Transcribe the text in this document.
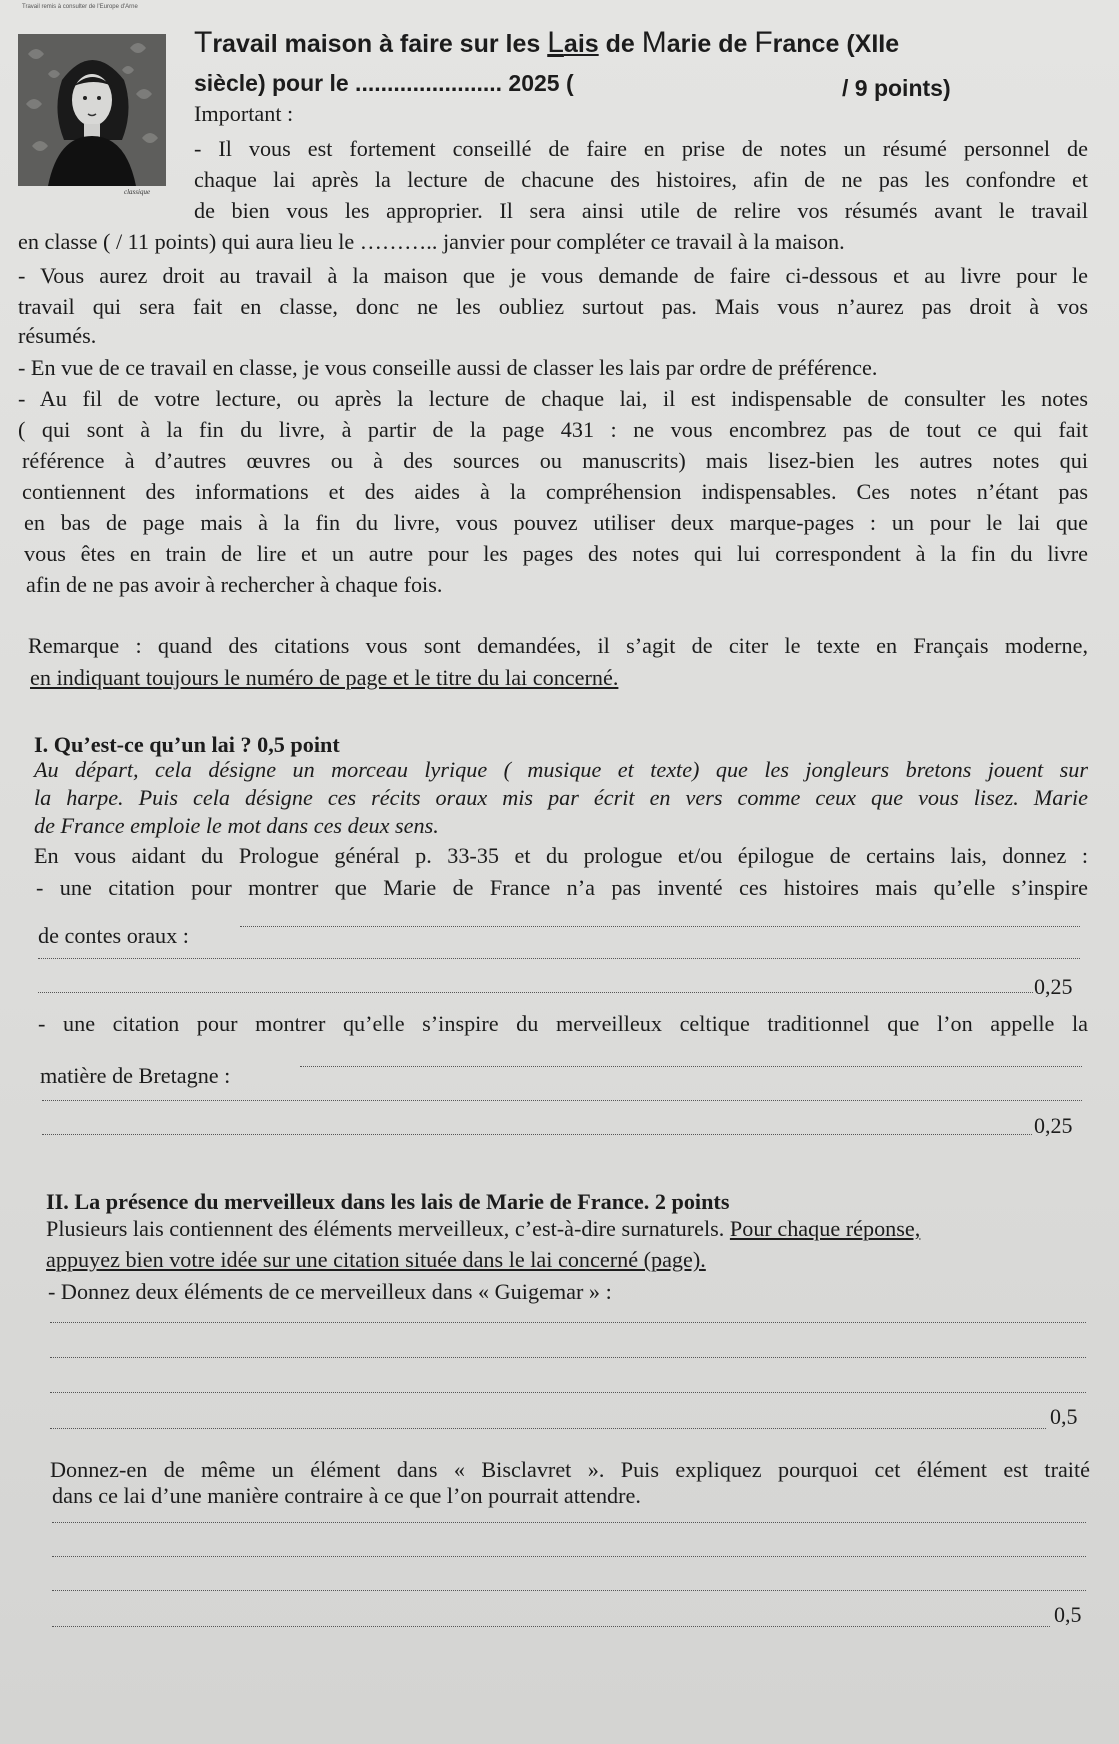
Travail remis à consulter de l'Europe d'Arne
classique
Travail maison à faire sur les Lais de Marie de France (XIIe
siècle) pour le ....................... 2025 (	/ 9 points)
Important :
- Il vous est fortement conseillé de faire en prise de notes un résumé personnel de
chaque lai après la lecture de chacune des histoires, afin de ne pas les confondre et
de bien vous les approprier. Il sera ainsi utile de relire vos résumés avant le travail
en classe ( / 11 points) qui aura lieu le ……….. janvier pour compléter ce travail à la maison.
- Vous aurez droit au travail à la maison que je vous demande de faire ci-dessous et au livre pour le
travail qui sera fait en classe, donc ne les oubliez surtout pas. Mais vous n’aurez pas droit à vos
résumés.
- En vue de ce travail en classe, je vous conseille aussi de classer les lais par ordre de préférence.
- Au fil de votre lecture, ou après la lecture de chaque lai, il est indispensable de consulter les notes
( qui sont à la fin du livre, à partir de la page 431 : ne vous encombrez pas de tout ce qui fait
référence à d’autres œuvres ou à des sources ou manuscrits) mais lisez-bien les autres notes qui
contiennent des informations et des aides à la compréhension indispensables. Ces notes n’étant pas
en bas de page mais à la fin du livre, vous pouvez utiliser deux marque-pages : un pour le lai que
vous êtes en train de lire et un autre pour les pages des notes qui lui correspondent à la fin du livre
afin de ne pas avoir à rechercher à chaque fois.
Remarque : quand des citations vous sont demandées, il s’agit de citer le texte en Français moderne,
en indiquant toujours le numéro de page et le titre du lai concerné.
I. Qu’est-ce qu’un lai ? 0,5 point
Au départ, cela désigne un morceau lyrique ( musique et texte) que les jongleurs bretons jouent sur
la harpe. Puis cela désigne ces récits oraux mis par écrit en vers comme ceux que vous lisez. Marie
de France emploie le mot dans ces deux sens.
En vous aidant du Prologue général p. 33-35 et du prologue et/ou épilogue de certains lais, donnez :
- une citation pour montrer que Marie de France n’a pas inventé ces histoires mais qu’elle s’inspire
de contes oraux :
0,25
- une citation pour montrer qu’elle s’inspire du merveilleux celtique traditionnel que l’on appelle la
matière de Bretagne :
0,25
II. La présence du merveilleux dans les lais de Marie de France. 2 points
Plusieurs lais contiennent des éléments merveilleux, c’est-à-dire surnaturels. Pour chaque réponse,
appuyez bien votre idée sur une citation située dans le lai concerné (page).
- Donnez deux éléments de ce merveilleux dans « Guigemar » :
0,5
Donnez-en de même un élément dans « Bisclavret ». Puis expliquez pourquoi cet élément est traité
dans ce lai d’une manière contraire à ce que l’on pourrait attendre.
0,5
